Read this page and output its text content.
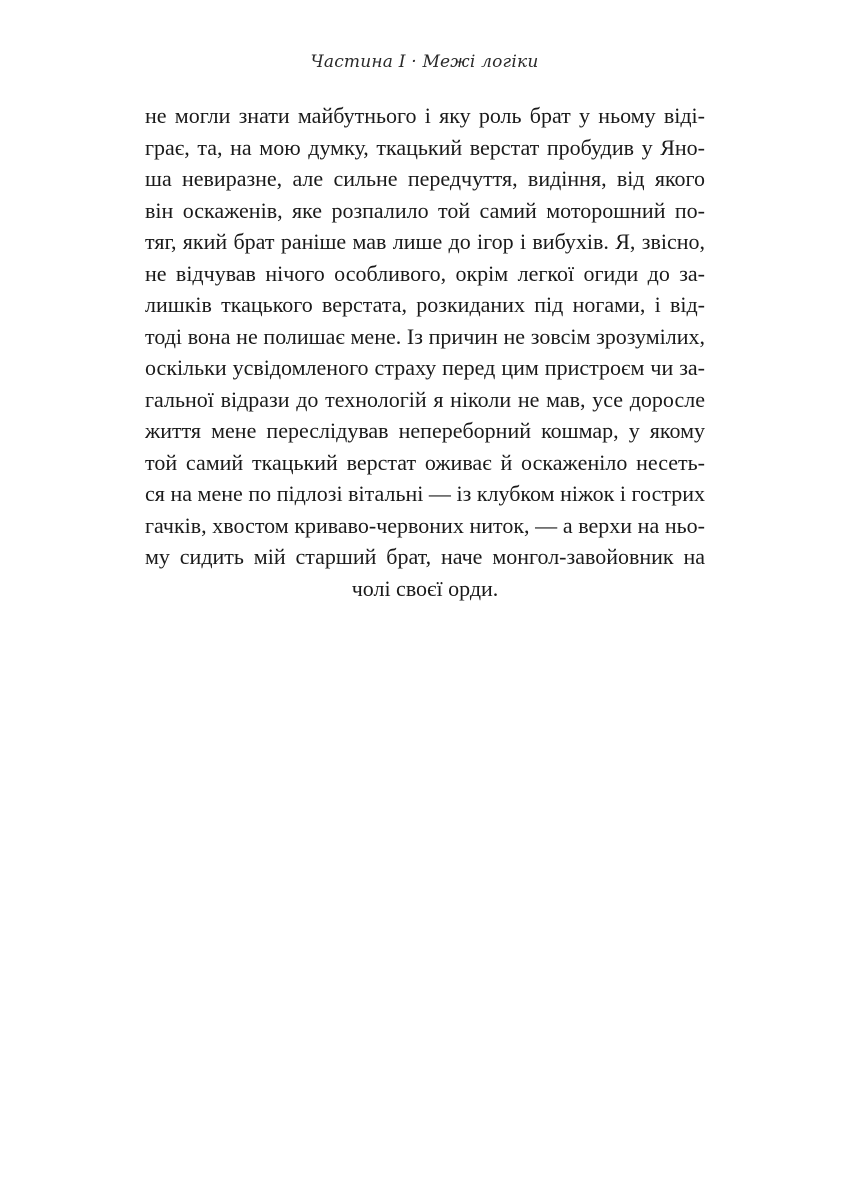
Частина I · Межі логіки
не могли знати майбутнього і яку роль брат у ньому віді-
грає, та, на мою думку, ткацький верстат пробудив у Яно-
ша невиразне, але сильне передчуття, видіння, від якого
він оскаженів, яке розпалило той самий моторошний по-
тяг, який брат раніше мав лише до ігор і вибухів. Я, звісно,
не відчував нічого особливого, окрім легкої огиди до за-
лишків ткацького верстата, розкиданих під ногами, і від-
тоді вона не полишає мене. Із причин не зовсім зрозумілих,
оскільки усвідомленого страху перед цим пристроєм чи за-
гальної відрази до технологій я ніколи не мав, усе доросле
життя мене переслідував непереборний кошмар, у якому
той самий ткацький верстат оживає й оскажeніло несеть-
ся на мене по підлозі вітальні — із клубком ніжок і гострих
гачків, хвостом криваво-червоних ниток, — а верхи на ньо-
му сидить мій старший брат, наче монгол-завойовник на
чолі своєї орди.
